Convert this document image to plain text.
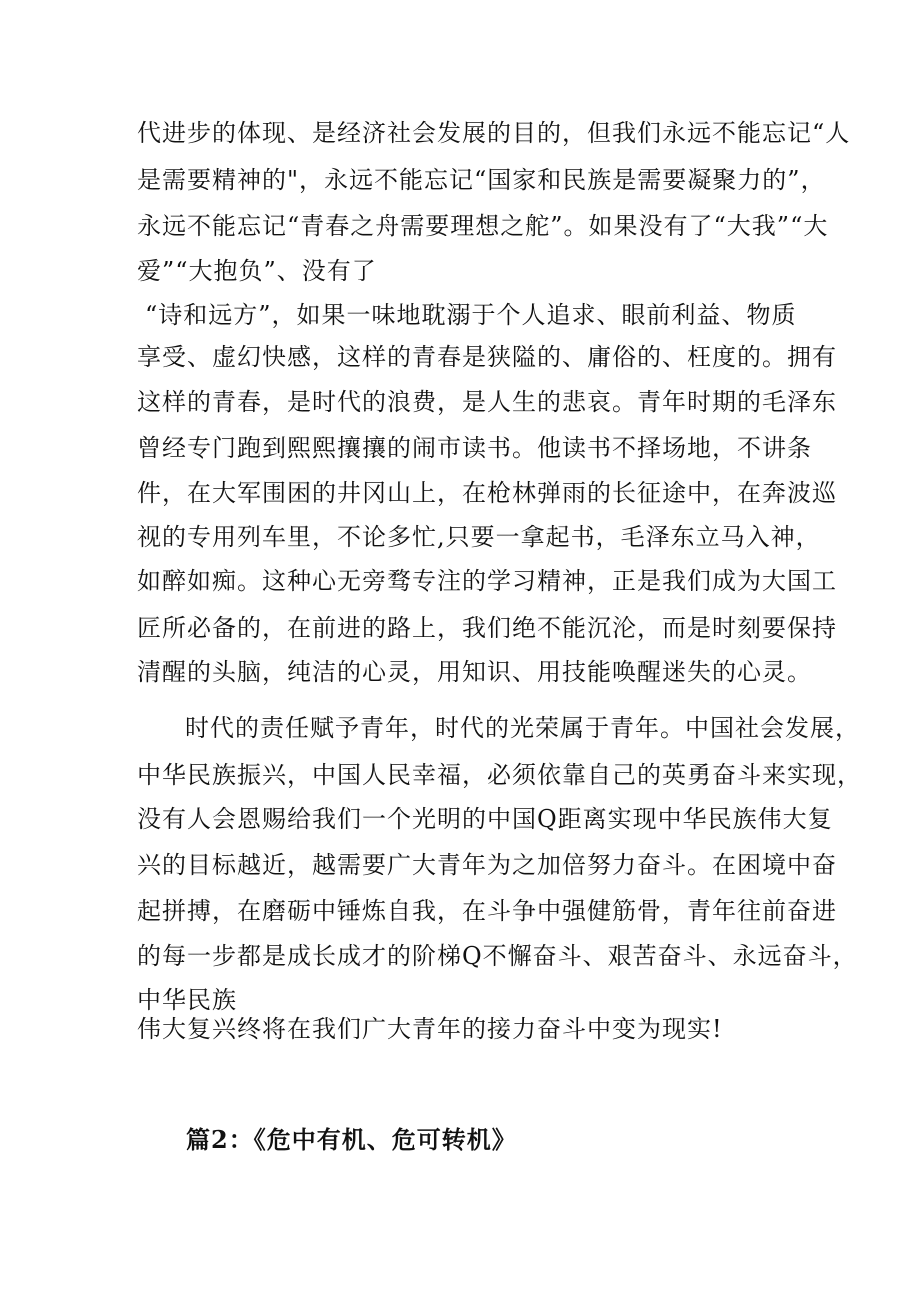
代进步的体现、是经济社会发展的目的，但我们永远不能忘记“人
是需要精神的"，永远不能忘记“国家和民族是需要凝聚力的”，
永远不能忘记“青春之舟需要理想之舵”。如果没有了“大我”“大
爱”“大抱负”、没有了
“诗和远方”，如果一味地耽溺于个人追求、眼前利益、物质
享受、虚幻快感，这样的青春是狭隘的、庸俗的、枉度的。拥有
这样的青春，是时代的浪费，是人生的悲哀。青年时期的毛泽东
曾经专门跑到熙熙攘攘的闹市读书。他读书不择场地，不讲条
件，在大军围困的井冈山上，在枪林弹雨的长征途中，在奔波巡
视的专用列车里，不论多忙,只要一拿起书，毛泽东立马入神，
如醉如痴。这种心无旁骛专注的学习精神，正是我们成为大国工
匠所必备的，在前进的路上，我们绝不能沉沦，而是时刻要保持
清醒的头脑，纯洁的心灵，用知识、用技能唤醒迷失的心灵。
时代的责任赋予青年，时代的光荣属于青年。中国社会发展，
中华民族振兴，中国人民幸福，必须依靠自己的英勇奋斗来实现，
没有人会恩赐给我们一个光明的中国Q距离实现中华民族伟大复
兴的目标越近，越需要广大青年为之加倍努力奋斗。在困境中奋
起拼搏，在磨砺中锤炼自我，在斗争中强健筋骨，青年往前奋进
的每一步都是成长成才的阶梯Q不懈奋斗、艰苦奋斗、永远奋斗，
中华民族
伟大复兴终将在我们广大青年的接力奋斗中变为现实!
篇2：《危中有机、危可转机》
